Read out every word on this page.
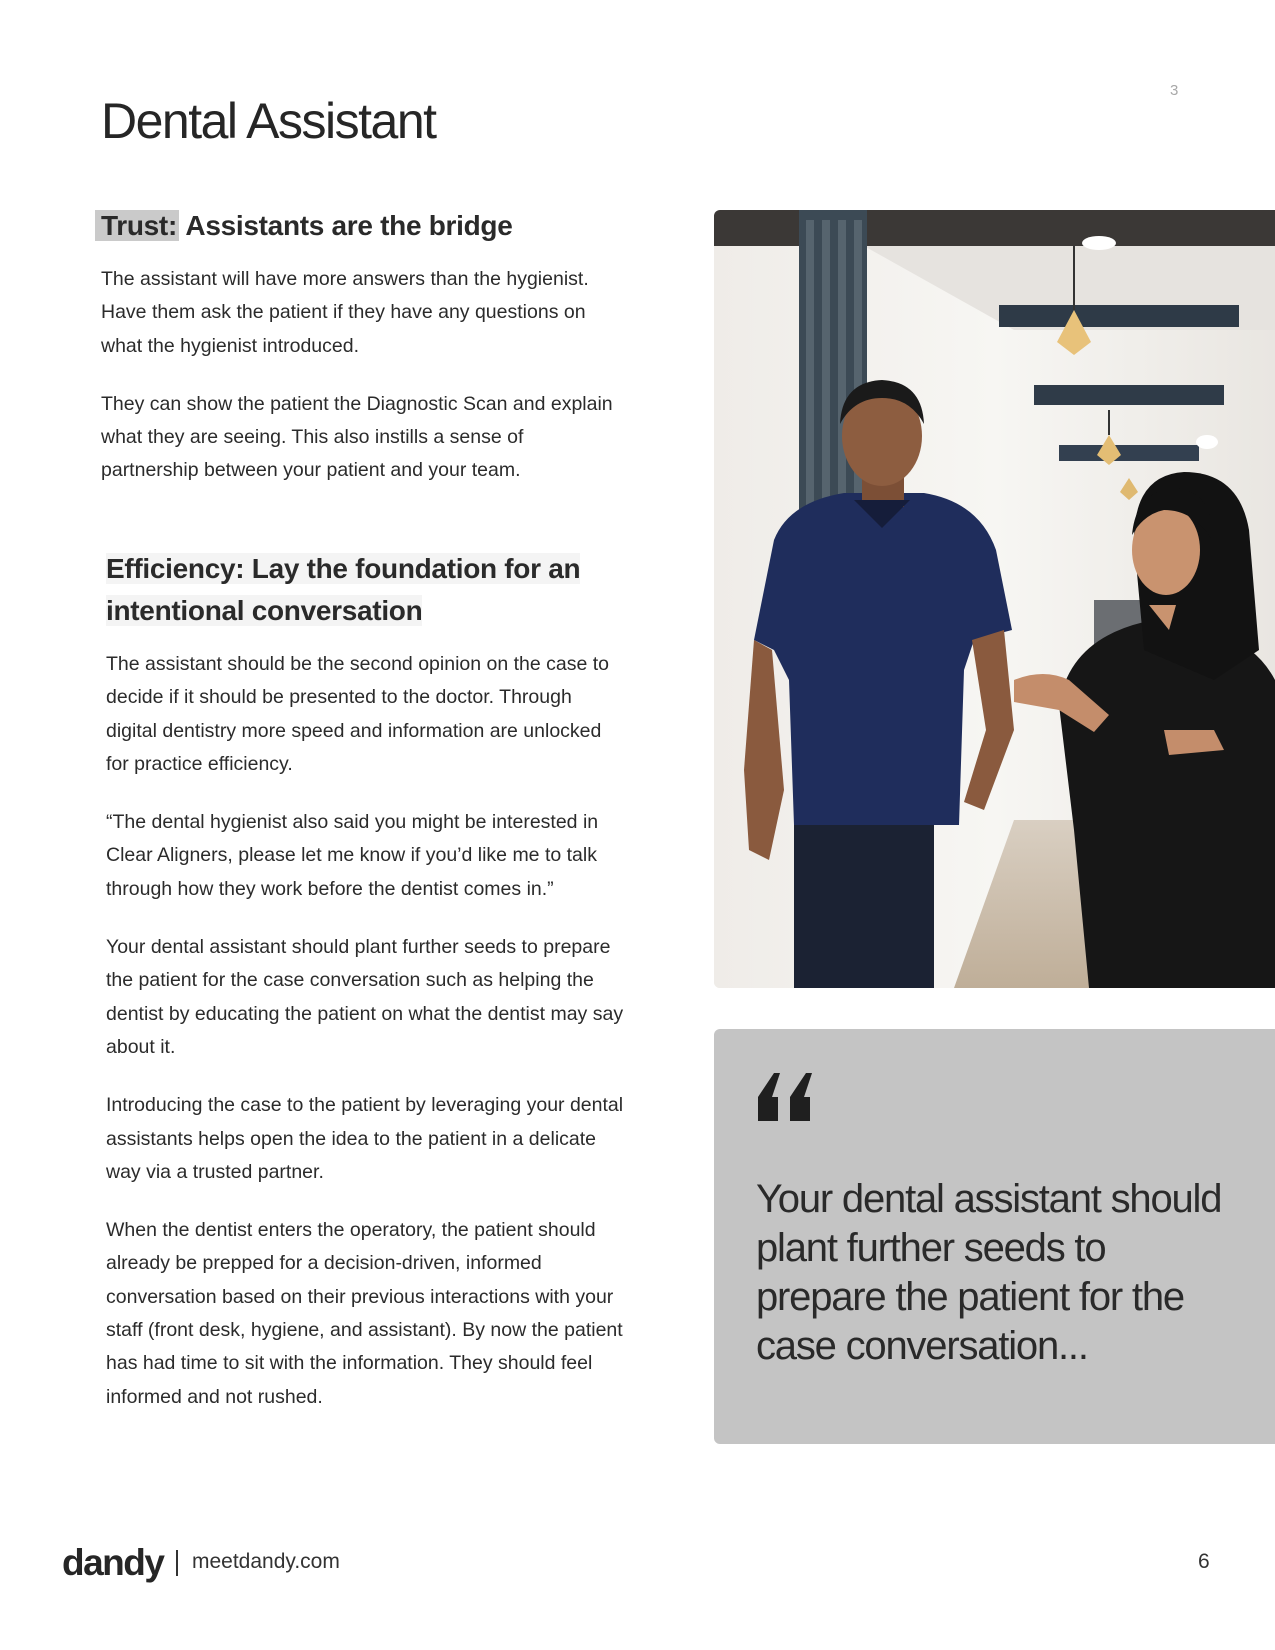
3
Dental Assistant
Trust: Assistants are the bridge

The assistant will have more answers than the hygienist. Have them ask the patient if they have any questions on what the hygienist introduced.

They can show the patient the Diagnostic Scan and explain what they are seeing. This also instills a sense of partnership between your patient and your team.

Efficiency: Lay the foundation for an intentional conversation

The assistant should be the second opinion on the case to decide if it should be presented to the doctor. Through digital dentistry more speed and information are unlocked for practice efficiency.

“The dental hygienist also said you might be interested in Clear Aligners, please let me know if you’d like me to talk through how they work before the dentist comes in.”

Your dental assistant should plant further seeds to prepare the patient for the case conversation such as helping the dentist by educating the patient on what the dentist may say about it.

Introducing the case to the patient by leveraging your dental assistants helps open the idea to the patient in a delicate way via a trusted partner.

When the dentist enters the operatory, the patient should already be prepped for a decision-driven, informed conversation based on their previous interactions with your staff (front desk, hygiene, and assistant). By now the patient has had time to sit with the information. They should feel informed and not rushed.

Your dental assistant should plant further seeds to prepare the patient for the case conversation...

dandy meetdandy.com	6
